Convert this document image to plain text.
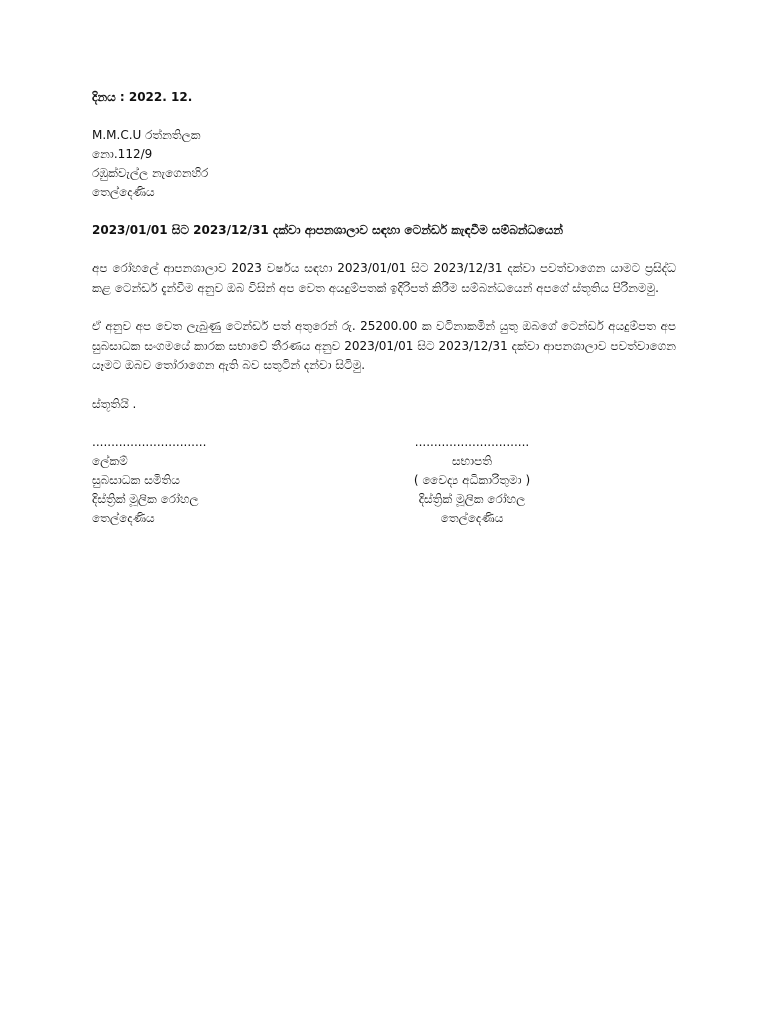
දිනය : 2022. 12.
M.M.C.U රත්නතිලක
නො.112/9
රඹුක්වැල්ල නැගෙනහිර
තෙල්දෙණිය
2023/01/01 සිට 2023/12/31 දක්වා ආපනශාලාව සඳහා ටෙන්ඩර් කැඳවීම සම්බන්ධයෙන්
අප රෝහලේ ආපනශාලාව 2023 වර්ෂය සඳහා 2023/01/01 සිට 2023/12/31 දක්වා පවත්වාගෙන යාමට ප්‍රසිද්ධ කළ ටෙන්ඩර් දැන්වීම අනුව ඔබ විසින් අප වෙත අයදුම්පතක් ඉදිරිපත් කිරීම සම්බන්ධයෙන් අපගේ ස්තූතිය පිරිනමමු.
ඒ අනුව අප වෙත ලැබුණු ටෙන්ඩර් පත් අතුරෙන් රු. 25200.00 ක වටිනාකමින් යුතු ඔබගේ ටෙන්ඩර් අයදුම්පත අප සුබසාධක සංගමයේ කාරක සභාවේ තීරණය අනුව 2023/01/01 සිට 2023/12/31 දක්වා ආපනශාලාව පවත්වාගෙන යෑමට ඔබව තෝරාගෙන ඇති බව සතුටින් දන්වා සිටිමු.
ස්තූතියි .
..............................	..............................
ලේකම්	සභාපති
සුබසාධක සමිතිය	( වෛද්‍ය අධිකාරිතුමා )
දිස්ත්‍රික් මූලික රෝහල	දිස්ත්‍රික් මූලික රෝහල
තෙල්දෙණිය	තෙල්දෙණිය
